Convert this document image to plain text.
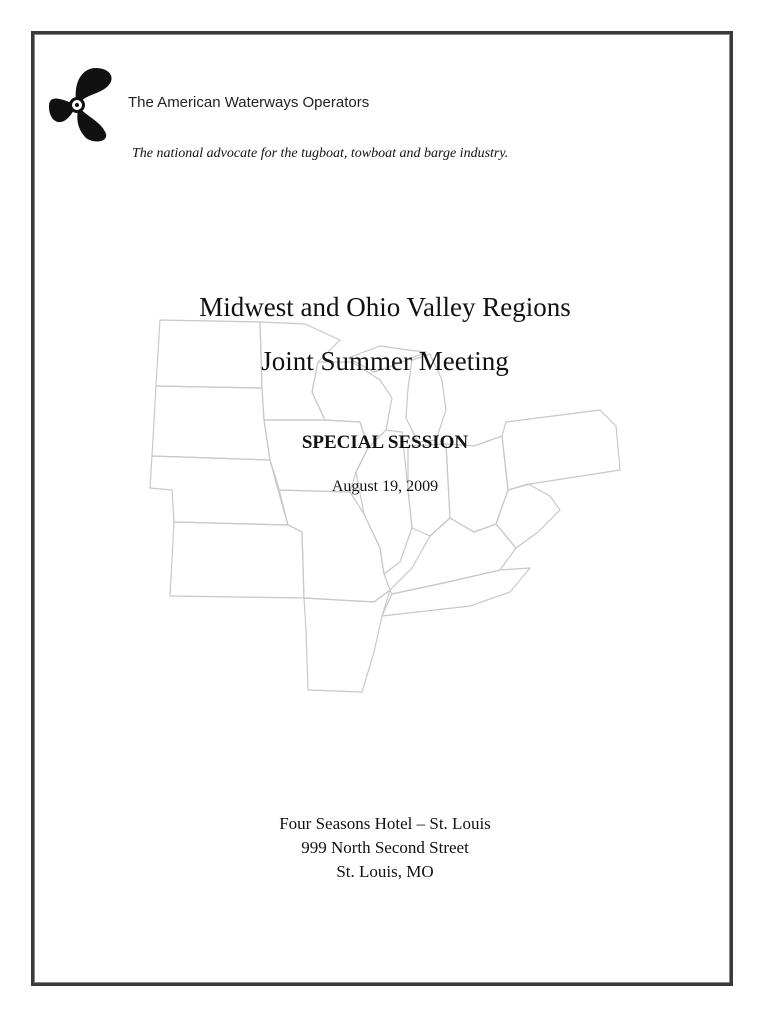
The American Waterways Operators
The national advocate for the tugboat, towboat and barge industry.
Midwest and Ohio Valley Regions
Joint Summer Meeting
SPECIAL SESSION
August 19, 2009
Four Seasons Hotel – St. Louis
999 North Second Street
St. Louis, MO
